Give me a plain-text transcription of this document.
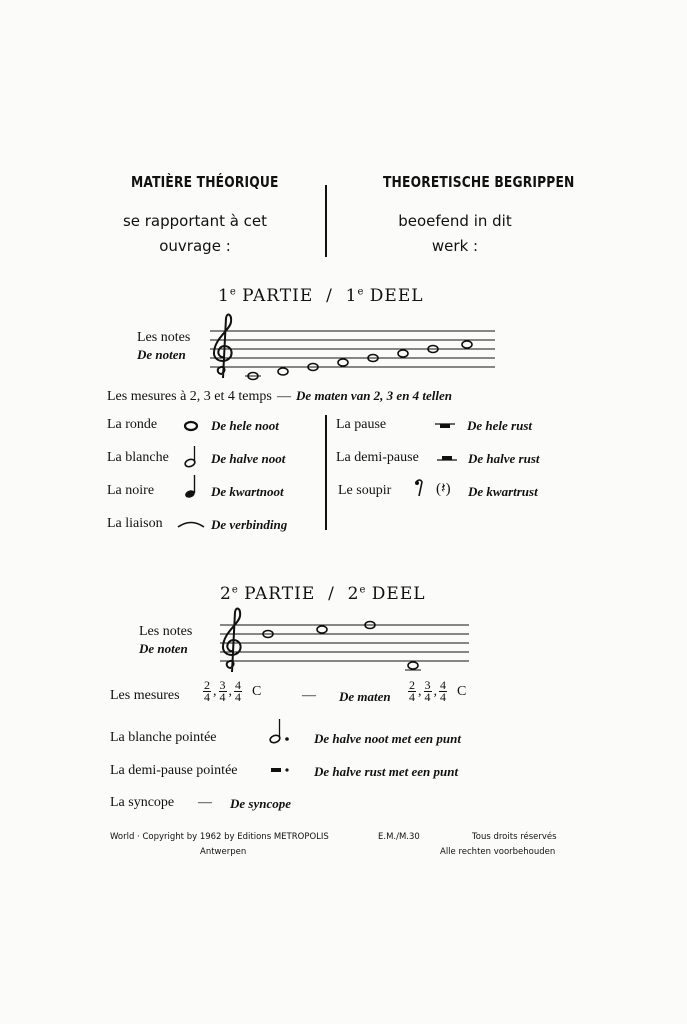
MATIÈRE THÉORIQUE
se rapportant à cet
ouvrage :
THEORETISCHE BEGRIPPEN
beoefend in dit
werk :
1e PARTIE / 1e DEEL
Les notes
De noten
Les mesures à 2, 3 et 4 temps — De maten van 2, 3 en 4 tellen
La ronde	De hele noot
La blanche	De halve noot
La noire	De kwartnoot
La liaison	De verbinding
La pause	De hele rust
La demi-pause	De halve rust
Le soupir	(𝄽) De kwartrust
2e PARTIE / 2e DEEL
Les notes
De noten
Les mesures $\frac{2}{4}$ , $\frac{3}{4}$ , $\frac{4}{4}$ C	— De maten $\frac{2}{4}$ , $\frac{3}{4}$ , $\frac{4}{4}$ C
La blanche pointée	De halve noot met een punt
La demi-pause pointée	De halve rust met een punt
La syncope — De syncope
World · Copyright by 1962 by Editions METROPOLIS
Antwerpen
E.M./M.30	Tous droits réservés
Alle rechten voorbehouden
